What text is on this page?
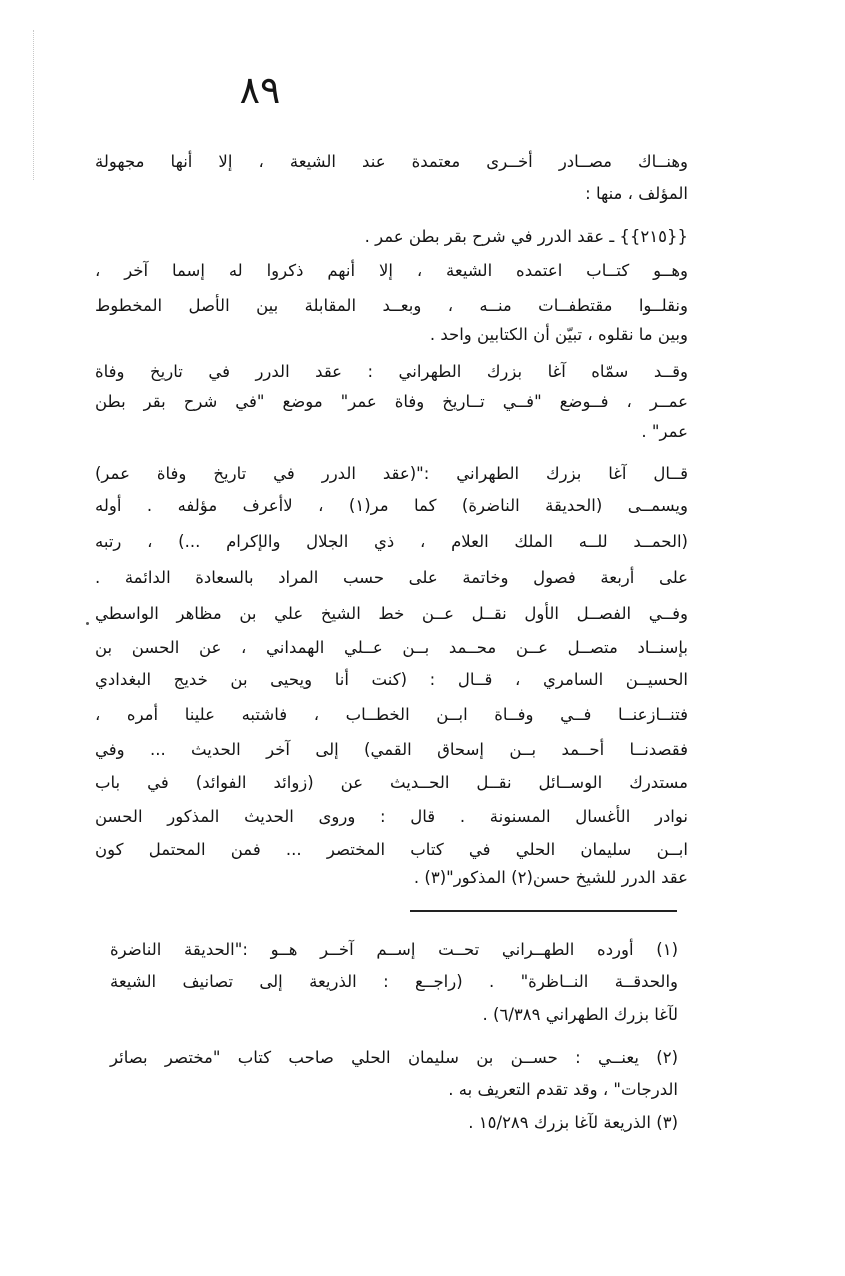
٨٩
وهنــاك مصــادر أخــرى معتمدة عند الشيعة ، إلا أنها مجهولة
المؤلف ، منها :
{{٢١٥}} ـ عقد الدرر في شرح بقر بطن عمر .
وهــو كتــاب اعتمده الشيعة ، إلا أنهم ذكروا له إسما آخر ،
ونقلــوا مقتطفــات منــه ، وبعــد المقابلة بين الأصل المخطوط
وبين ما نقلوه ، تبيّن أن الكتابين واحد .
وقــد سمّاه آغا بزرك الطهراني : عقد الدرر في تاريخ وفاة
عمــر ، فــوضع "فــي تــاريخ وفاة عمر" موضع "في شرح بقر بطن
عمر" .
قــال آغا بزرك الطهراني :"(عقد الدرر في تاريخ وفاة عمر)
ويسمــى (الحديقة الناضرة) كما مر(١) ، لاأعرف مؤلفه . أوله
(الحمــد للــه الملك العلام ، ذي الجلال والإكرام ...) ، رتبه
على أربعة فصول وخاتمة على حسب المراد بالسعادة الدائمة .
وفــي الفصــل الأول نقــل عــن خط الشيخ علي بن مظاهر الواسطي
بإسنــاد متصــل عــن محــمد بــن عــلي الهمداني ، عن الحسن بن
الحسيــن السامري ، قــال : (كنت أنا ويحيى بن خديج البغدادي
فتنــازعنــا فــي وفــاة ابــن الخطــاب ، فاشتبه علينا أمره ،
فقصدنــا أحــمد بــن إسحاق القمي) إلى آخر الحديث ... وفي
مستدرك الوســائل نقــل الحــديث عن (زوائد الفوائد) في باب
نوادر الأغسال المسنونة . قال : وروى الحديث المذكور الحسن
ابــن سليمان الحلي في كتاب المختصر ... فمن المحتمل كون
عقد الدرر للشيخ حسن(٢) المذكور"(٣) .
(١) أورده الطهــراني تحــت إســم آخــر هــو :"الحديقة الناضرة
والحدقــة النــاظرة" . (راجــع : الذريعة إلى تصانيف الشيعة
لآغا بزرك الطهراني ٦/٣٨٩) .
(٢) يعنــي : حســن بن سليمان الحلي صاحب كتاب "مختصر بصائر
الدرجات" ، وقد تقدم التعريف به .
(٣) الذريعة لآغا بزرك ١٥/٢٨٩ .
